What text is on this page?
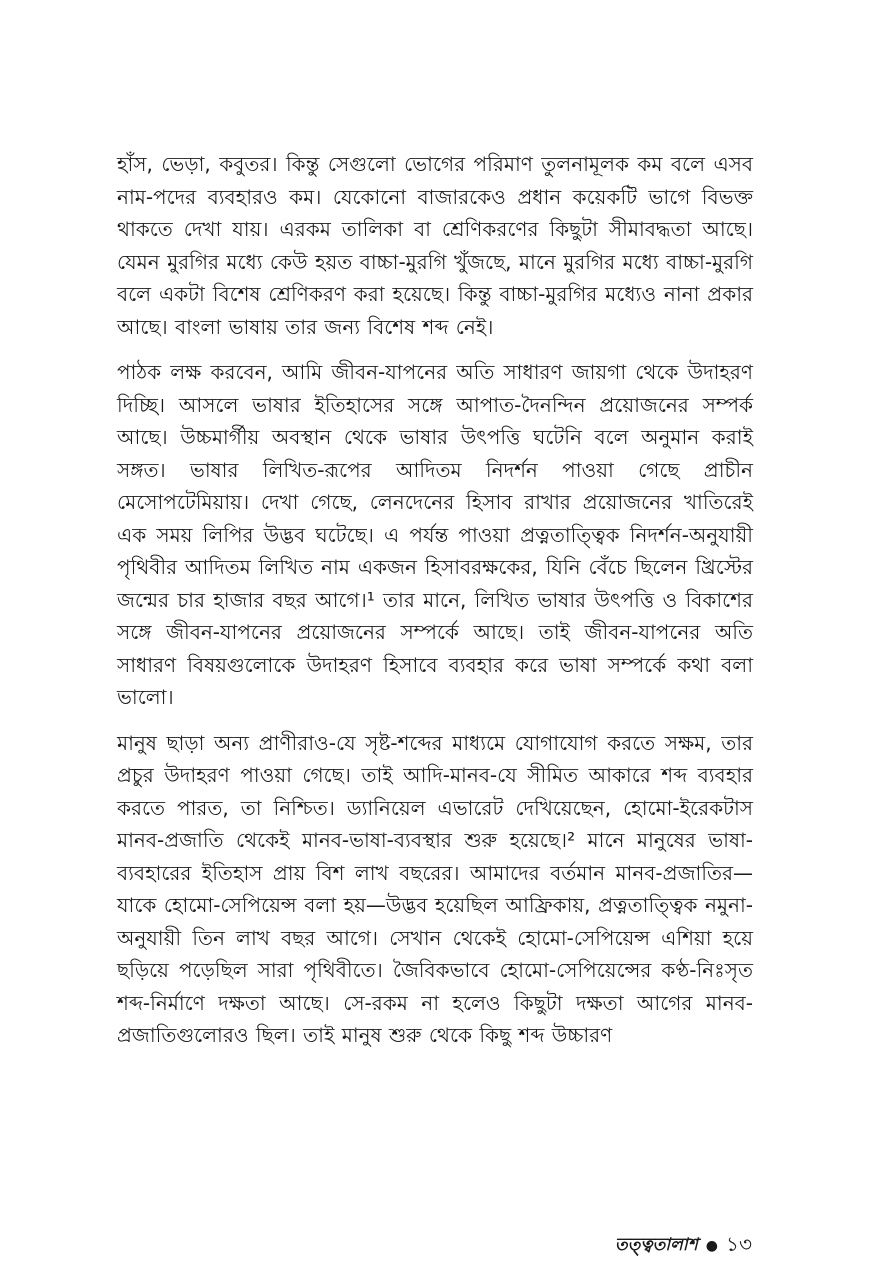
হাঁস, ভেড়া, কবুতর। কিন্তু সেগুলো ভোগের পরিমাণ তুলনামূলক কম বলে এসব নাম-পদের ব্যবহারও কম। যেকোনো বাজারকেও প্রধান কয়েকটি ভাগে বিভক্ত থাকতে দেখা যায়। এরকম তালিকা বা শ্রেণিকরণের কিছুটা সীমাবদ্ধতা আছে। যেমন মুরগির মধ্যে কেউ হয়ত বাচ্চা-মুরগি খুঁজছে, মানে মুরগির মধ্যে বাচ্চা-মুরগি বলে একটা বিশেষ শ্রেণিকরণ করা হয়েছে। কিন্তু বাচ্চা-মুরগির মধ্যেও নানা প্রকার আছে। বাংলা ভাষায় তার জন্য বিশেষ শব্দ নেই।

পাঠক লক্ষ করবেন, আমি জীবন-যাপনের অতি সাধারণ জায়গা থেকে উদাহরণ দিচ্ছি। আসলে ভাষার ইতিহাসের সঙ্গে আপাত-দৈনন্দিন প্রয়োজনের সম্পর্ক আছে। উচ্চমার্গীয় অবস্থান থেকে ভাষার উৎপত্তি ঘটেনি বলে অনুমান করাই সঙ্গত। ভাষার লিখিত-রূপের আদিতম নিদর্শন পাওয়া গেছে প্রাচীন মেসোপটেমিয়ায়। দেখা গেছে, লেনদেনের হিসাব রাখার প্রয়োজনের খাতিরেই এক সময় লিপির উদ্ভব ঘটেছে। এ পর্যন্ত পাওয়া প্রত্নতাত্ত্বিক নিদর্শন-অনুযায়ী পৃথিবীর আদিতম লিখিত নাম একজন হিসাবরক্ষকের, যিনি বেঁচে ছিলেন খ্রিস্টের জন্মের চার হাজার বছর আগে।¹ তার মানে, লিখিত ভাষার উৎপত্তি ও বিকাশের সঙ্গে জীবন-যাপনের প্রয়োজনের সম্পর্কে আছে। তাই জীবন-যাপনের অতি সাধারণ বিষয়গুলোকে উদাহরণ হিসাবে ব্যবহার করে ভাষা সম্পর্কে কথা বলা ভালো।

মানুষ ছাড়া অন্য প্রাণীরাও-যে সৃষ্ট-শব্দের মাধ্যমে যোগাযোগ করতে সক্ষম, তার প্রচুর উদাহরণ পাওয়া গেছে। তাই আদি-মানব-যে সীমিত আকারে শব্দ ব্যবহার করতে পারত, তা নিশ্চিত। ড্যানিয়েল এভারেট দেখিয়েছেন, হোমো-ইরেকটাস মানব-প্রজাতি থেকেই মানব-ভাষা-ব্যবস্থার শুরু হয়েছে।² মানে মানুষের ভাষা-ব্যবহারের ইতিহাস প্রায় বিশ লাখ বছরের। আমাদের বর্তমান মানব-প্রজাতির—যাকে হোমো-সেপিয়েন্স বলা হয়—উদ্ভব হয়েছিল আফ্রিকায়, প্রত্নতাত্ত্বিক নমুনা-অনুযায়ী তিন লাখ বছর আগে। সেখান থেকেই হোমো-সেপিয়েন্স এশিয়া হয়ে ছড়িয়ে পড়েছিল সারা পৃথিবীতে। জৈবিকভাবে হোমো-সেপিয়েন্সের কণ্ঠ-নিঃসৃত শব্দ-নির্মাণে দক্ষতা আছে। সে-রকম না হলেও কিছুটা দক্ষতা আগের মানব-প্রজাতিগুলোরও ছিল। তাই মানুষ শুরু থেকে কিছু শব্দ উচ্চারণ

তত্ত্বতালাশ ● ১৩
